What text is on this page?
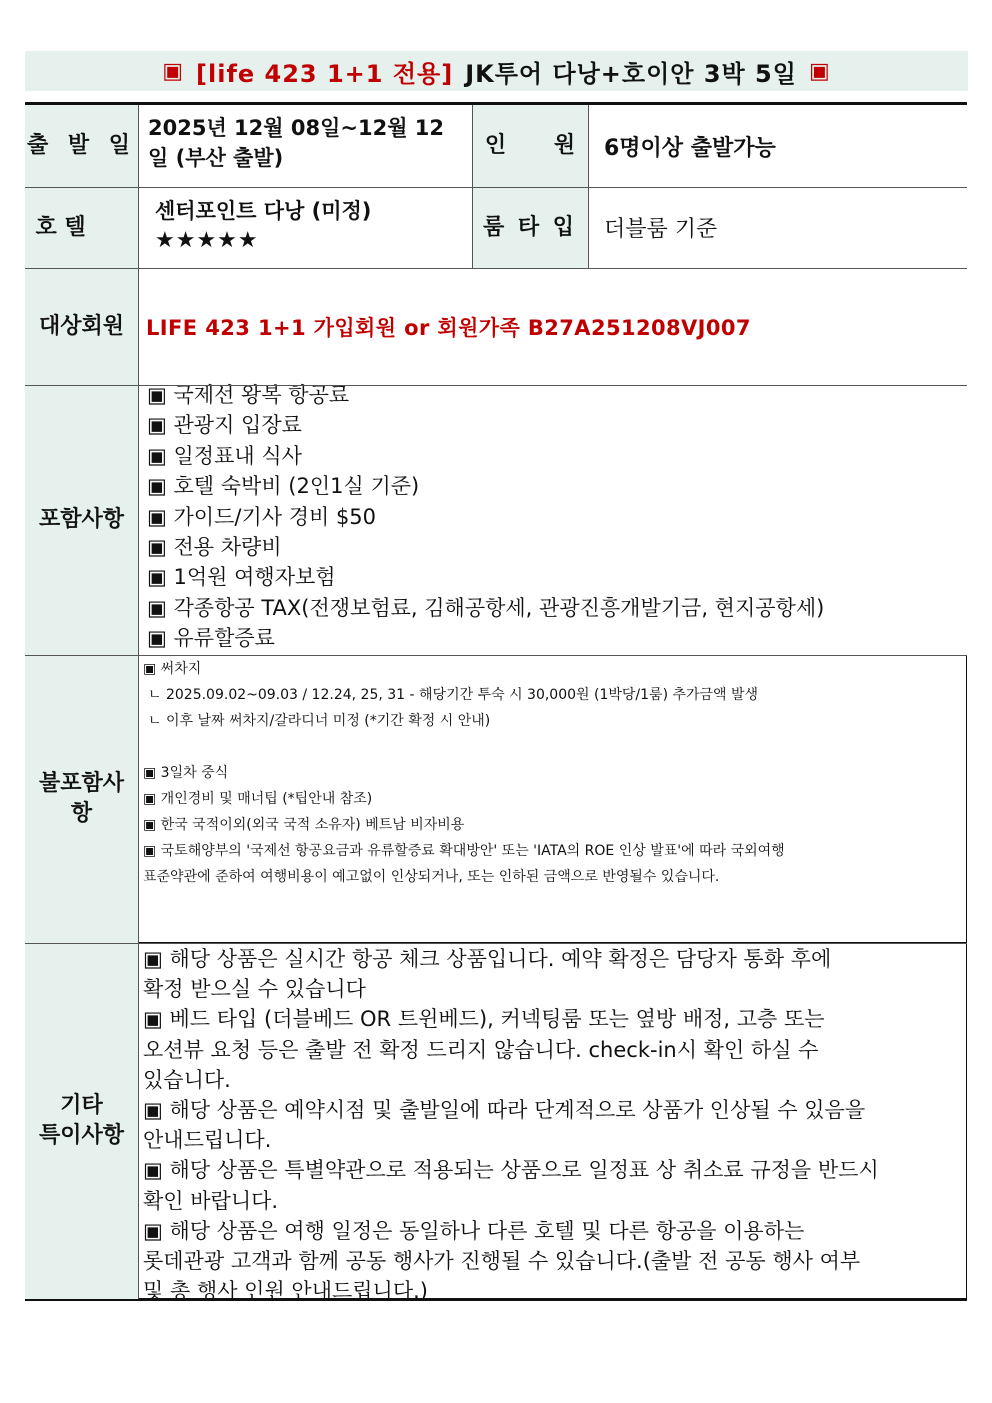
▣ [life 423 1+1 전용] JK투어 다낭+호이안 3박 5일 ▣
출 발 일
호 텔
대상회원
포함사항
불포함사
항
기타
특이사항
인 원
룸 타 입
2025년 12월 08일~12월 12
일 (부산 출발)	6명이상 출발가능
센터포인트 다낭 (미정)
★★★★★	더블룸 기준
LIFE 423 1+1 가입회원 or 회원가족 B27A251208VJ007
▣ 국제선 왕복 항공료
▣ 관광지 입장료
▣ 일정표내 식사
▣ 호텔 숙박비 (2인1실 기준)
▣ 가이드/기사 경비 $50
▣ 전용 차량비
▣ 1억원 여행자보험
▣ 각종항공 TAX(전쟁보험료, 김해공항세, 관광진흥개발기금, 현지공항세)
▣ 유류할증료
▣ 써차지
ㄴ 2025.09.02~09.03 / 12.24, 25, 31 - 해당기간 투숙 시 30,000원 (1박당/1룸) 추가금액 발생
ㄴ 이후 날짜 써차지/갈라디너 미정 (*기간 확정 시 안내)
▣ 3일차 중식
▣ 개인경비 및 매너팁 (*팁안내 참조)
▣ 한국 국적이외(외국 국적 소유자) 베트남 비자비용
▣ 국토해양부의 '국제선 항공요금과 유류할증료 확대방안' 또는 'IATA의 ROE 인상 발표'에 따라 국외여행
표준약관에 준하여 여행비용이 예고없이 인상되거나, 또는 인하된 금액으로 반영될수 있습니다.
▣ 해당 상품은 실시간 항공 체크 상품입니다. 예약 확정은 담당자 통화 후에
확정 받으실 수 있습니다
▣ 베드 타입 (더블베드 OR 트윈베드), 커넥팅룸 또는 옆방 배정, 고층 또는
오션뷰 요청 등은 출발 전 확정 드리지 않습니다. check-in시 확인 하실 수
있습니다.
▣ 해당 상품은 예약시점 및 출발일에 따라 단계적으로 상품가 인상될 수 있음을
안내드립니다.
▣ 해당 상품은 특별약관으로 적용되는 상품으로 일정표 상 취소료 규정을 반드시
확인 바랍니다.
▣ 해당 상품은 여행 일정은 동일하나 다른 호텔 및 다른 항공을 이용하는
롯데관광 고객과 함께 공동 행사가 진행될 수 있습니다.(출발 전 공동 행사 여부
및 총 행사 인원 안내드립니다.)
